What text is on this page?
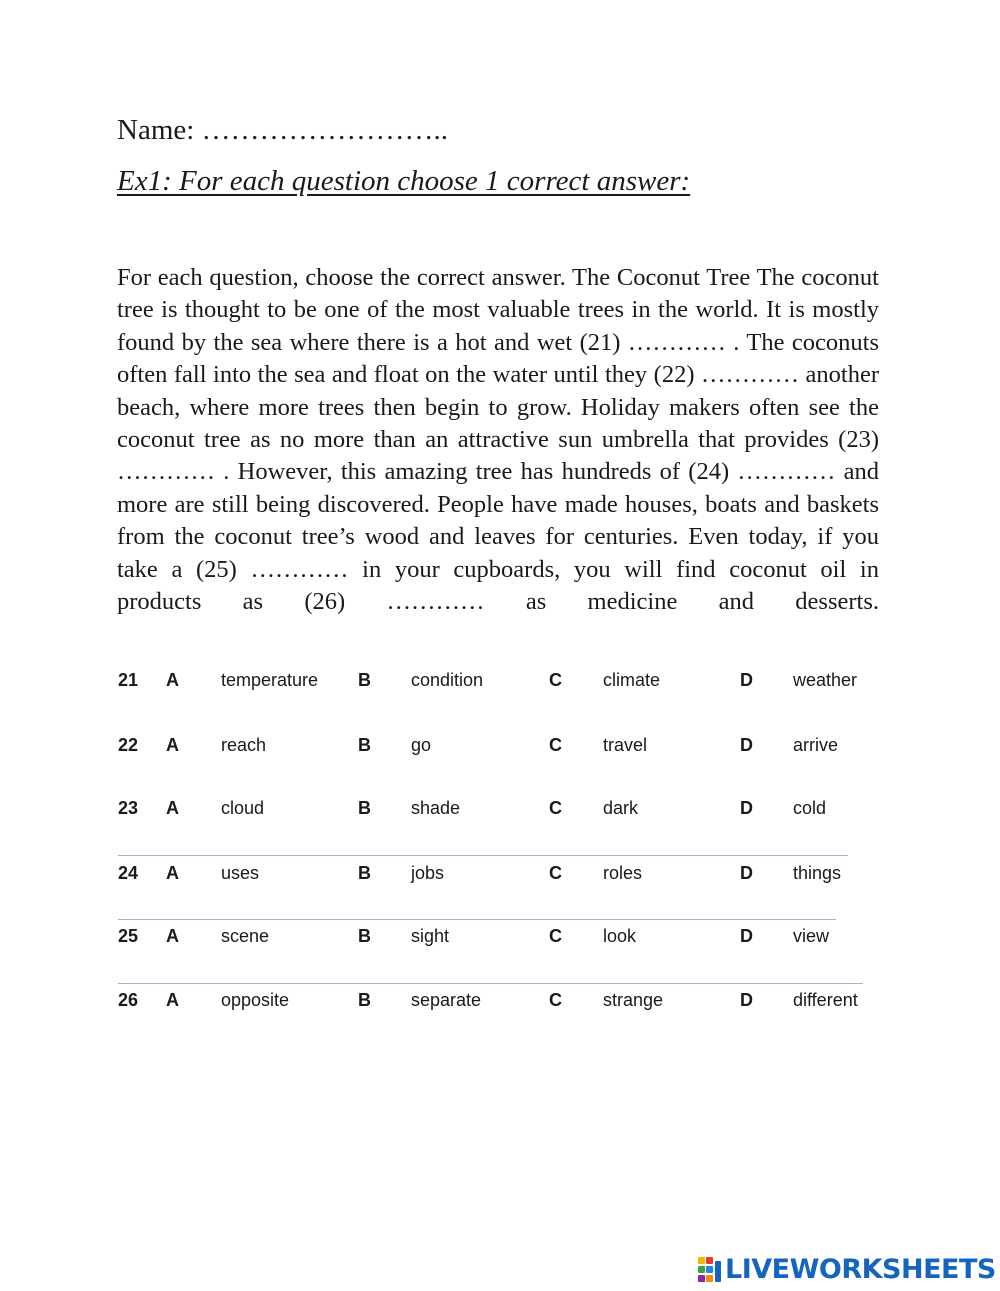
Name: ……………………..
Ex1: For each question choose 1 correct answer:
For each question, choose the correct answer. The Coconut Tree The coconut tree is thought to be one of the most valuable trees in the world. It is mostly found by the sea where there is a hot and wet (21) ………… . The coconuts often fall into the sea and float on the water until they (22) ………… another beach, where more trees then begin to grow. Holiday makers often see the coconut tree as no more than an attractive sun umbrella that provides (23) ………… . However, this amazing tree has hundreds of (24) ………… and more are still being discovered. People have made houses, boats and baskets from the coconut tree’s wood and leaves for centuries. Even today, if you take a (25) ………… in your cupboards, you will find coconut oil in products as (26) ………… as medicine and desserts.
21 A temperature B condition	C climate	D weather
22 A reach	B go	C travel	D arrive
23 A cloud	B shade	C dark	D cold
24 A uses	B jobs	C roles	D things
25 A scene	B sight	C look	D view
26 A opposite	B separate	C strange	D different
LIVEWORKSHEETS
